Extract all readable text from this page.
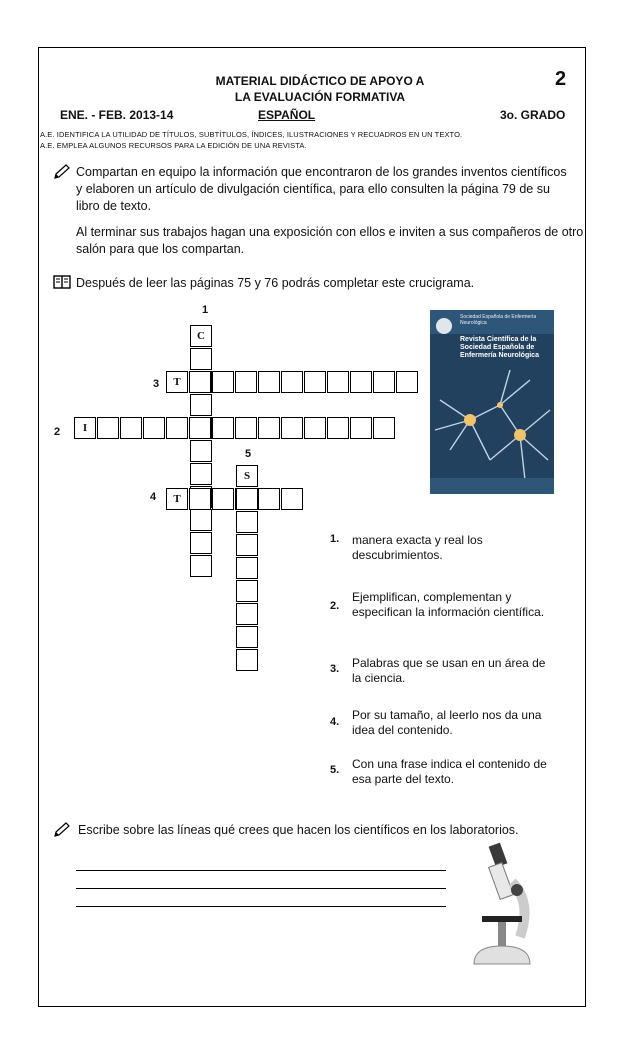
MATERIAL DIDÁCTICO DE APOYO A
LA EVALUACIÓN FORMATIVA
2
ENE. - FEB. 2013-14	ESPAÑOL	3o. GRADO
A.E. IDENTIFICA LA UTILIDAD DE TÍTULOS, SUBTÍTULOS, ÍNDICES, ILUSTRACIONES Y RECUADROS EN UN TEXTO.
A.E. EMPLEA ALGUNOS RECURSOS PARA LA EDICIÓN DE UNA REVISTA.
Compartan en equipo la información que encontraron de los grandes inventos científicos y elaboren un artículo de divulgación científica, para ello consulten la página 79 de su libro de texto.
Al terminar sus trabajos hagan una exposición con ellos e inviten a sus compañeros de otro salón para que los compartan.
Después de leer las páginas 75 y 76 podrás completar este crucigrama.
C
T
I
T
S
1
2
3
4
5
Sociedad Española de Enfermería Neurológica
Revista Científica de la Sociedad Española de Enfermería Neurológica
1. manera exacta y real los descubrimientos.
2.
Ejemplifican, complementan y especifican la información científica.
3. Palabras que se usan en un área de la ciencia.
4. Por su tamaño, al leerlo nos da una idea del contenido.
5. Con una frase indica el contenido de esa parte del texto.
Escribe sobre las líneas qué crees que hacen los científicos en los laboratorios.
